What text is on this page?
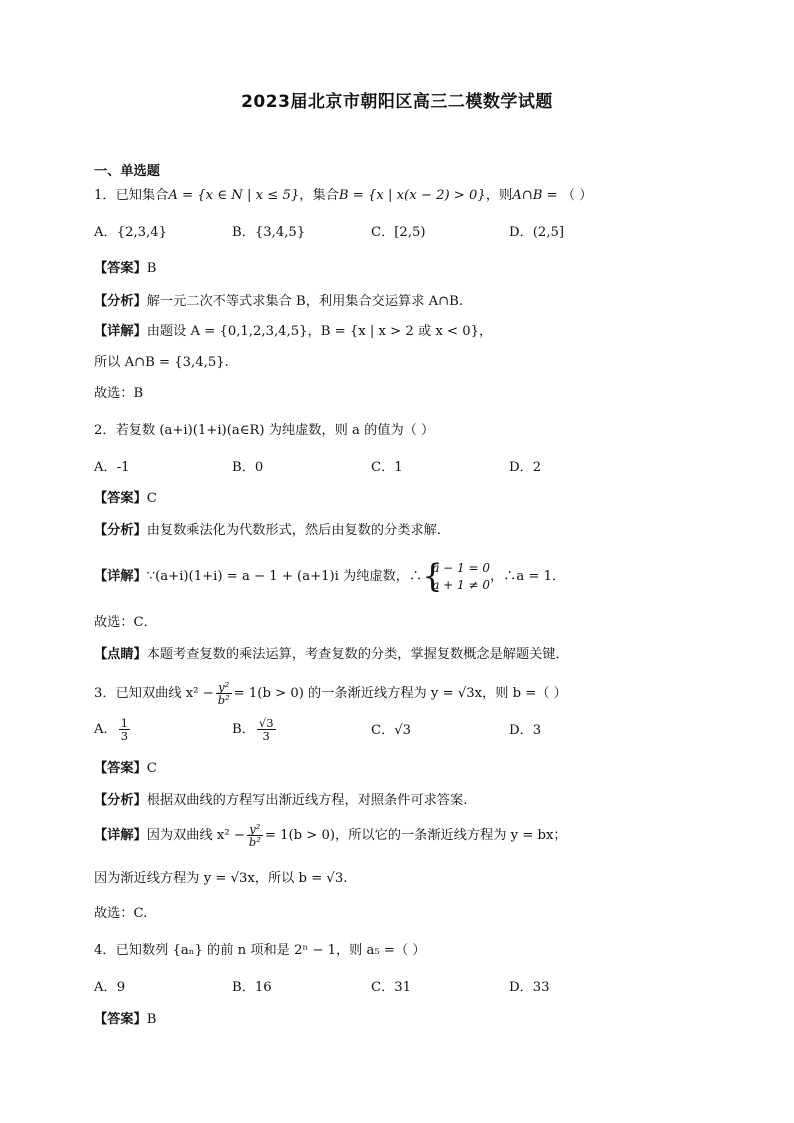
2023届北京市朝阳区高三二模数学试题
一、单选题
1．已知集合A = {x ∈ N | x ≤ 5}，集合B = {x | x(x − 2) > 0}，则A∩B = （ ）
A．{2,3,4}	B．{3,4,5}	C．[2,5)	D．(2,5]
【答案】B
【分析】解一元二次不等式求集合 B，利用集合交运算求 A∩B.
【详解】由题设 A = {0,1,2,3,4,5}，B = {x | x > 2 或 x < 0}，
所以 A∩B = {3,4,5}.
故选：B
2．若复数 (a+i)(1+i)(a∈R) 为纯虚数，则 a 的值为（ ）
A．-1	B．0	C．1	D．2
【答案】C
【分析】由复数乘法化为代数形式，然后由复数的分类求解．
【详解】∵(a+i)(1+i) = a − 1 + (a+1)i 为纯虚数，∴ {
a − 1 = 0
a + 1 ≠ 0
，∴a = 1．
故选：C．
【点睛】本题考查复数的乘法运算，考查复数的分类，掌握复数概念是解题关键．
3．已知双曲线 $x^2 - \frac{\text{y²}}{\text{b²}} = 1(b > 0)$ 的一条渐近线方程为 y = √3x，则 b =（ ）
A． $\frac{1}{3}$	B． $\frac{√3}{3}$	C．√3	D．3
【答案】C
【分析】根据双曲线的方程写出渐近线方程，对照条件可求答案.
【详解】因为双曲线 $x^2 - \frac{\text{y²}}{\text{b²}} = 1(b > 0)$，所以它的一条渐近线方程为 y = bx；
因为渐近线方程为 y = √3x，所以 b = √3.
故选：C.
4．已知数列 {aₙ} 的前 n 项和是 2ⁿ − 1，则 a₅ =（ ）
A．9	B．16	C．31	D．33
【答案】B
